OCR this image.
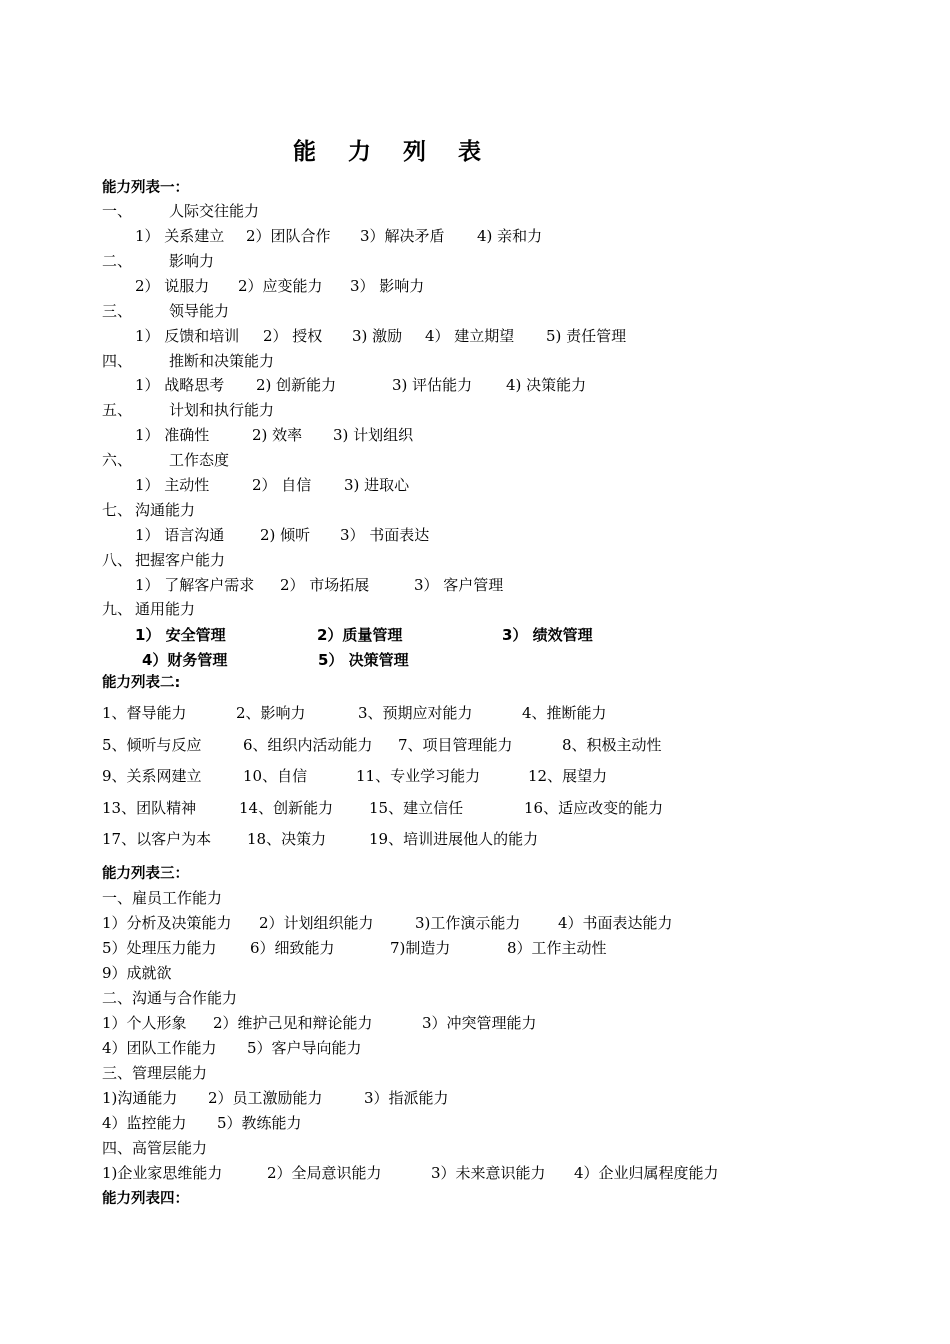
能 力 列 表
能力列表一：
一、 人际交往能力
1） 关系建立 2）团队合作 3）解决矛盾 4) 亲和力
二、 影响力
2） 说服力 2）应变能力 3） 影响力
三、 领导能力
1） 反馈和培训 2） 授权 3) 激励 4） 建立期望 5) 责任管理
四、 推断和决策能力
1） 战略思考 2) 创新能力	3) 评估能力 4) 决策能力
五、 计划和执行能力
1） 准确性	2) 效率 3) 计划组织
六、 工作态度
1） 主动性	2） 自信 3) 进取心
七、 沟通能力
1） 语言沟通 2) 倾听 3） 书面表达
八、 把握客户能力
1） 了解客户需求 2） 市场拓展	3） 客户管理
九、 通用能力
1） 安全管理	2）质量管理	3） 绩效管理
4）财务管理	5） 决策管理
能力列表二:
1、督导能力	2、影响力	3、预期应对能力	4、推断能力
5、倾听与反应	6、组织内活动能力 7、项目管理能力	8、积极主动性
9、关系网建立	10、自信	11、专业学习能力	12、展望力
13、团队精神	14、创新能力 15、建立信任	16、适应改变的能力
17、以客户为本 18、决策力	19、培训进展他人的能力
能力列表三：
一、雇员工作能力
1）分析及决策能力 2）计划组织能力	3)工作演示能力	4）书面表达能力
5）处理压力能力 6）细致能力	7)制造力	8）工作主动性
9）成就欲
二、沟通与合作能力
1）个人形象 2）维护己见和辩论能力	3）冲突管理能力
4）团队工作能力 5）客户导向能力
三、管理层能力
1)沟通能力 2）员工激励能力	3）指派能力
4）监控能力 5）教练能力
四、高管层能力
1)企业家思维能力	2）全局意识能力	3）未来意识能力 4）企业归属程度能力
能力列表四：
